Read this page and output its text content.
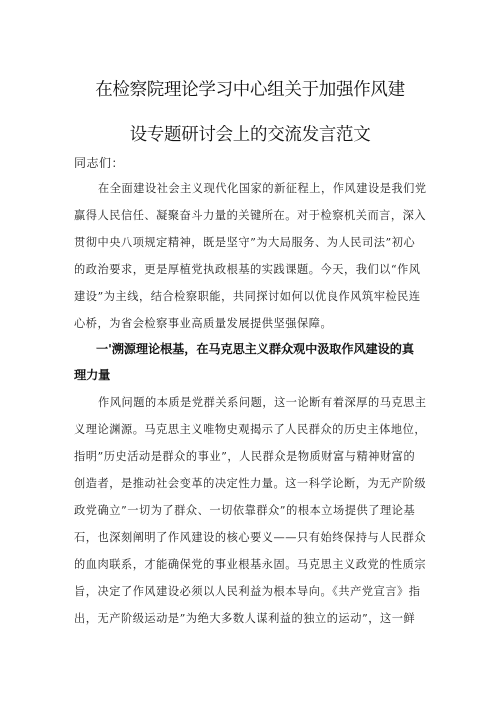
在检察院理论学习中心组关于加强作风建
设专题研讨会上的交流发言范文
同志们：
在全面建设社会主义现代化国家的新征程上，作风建设是我们党
赢得人民信任、凝聚奋斗力量的关键所在。对于检察机关而言，深入
贯彻中央八项规定精神，既是坚守”为大局服务、为人民司法”初心
的政治要求，更是厚植党执政根基的实践课题。今天，我们以“作风
建设”为主线，结合检察职能，共同探讨如何以优良作风筑牢检民连
心桥，为省会检察事业高质量发展提供坚强保障。
一'溯源理论根基，在马克思主义群众观中汲取作风建设的真
理力量
作风问题的本质是党群关系问题，这一论断有着深厚的马克思主
义理论渊源。马克思主义唯物史观揭示了人民群众的历史主体地位，
指明”历史活动是群众的事业”，人民群众是物质财富与精神财富的
创造者，是推动社会变革的决定性力量。这一科学论断，为无产阶级
政党确立”一切为了群众、一切依靠群众”的根本立场提供了理论基
石，也深刻阐明了作风建设的核心要义——只有始终保持与人民群众
的血肉联系，才能确保党的事业根基永固。马克思主义政党的性质宗
旨，决定了作风建设必须以人民利益为根本导向。《共产党宣言》指
出，无产阶级运动是”为绝大多数人谋利益的独立的运动”，这一鲜
